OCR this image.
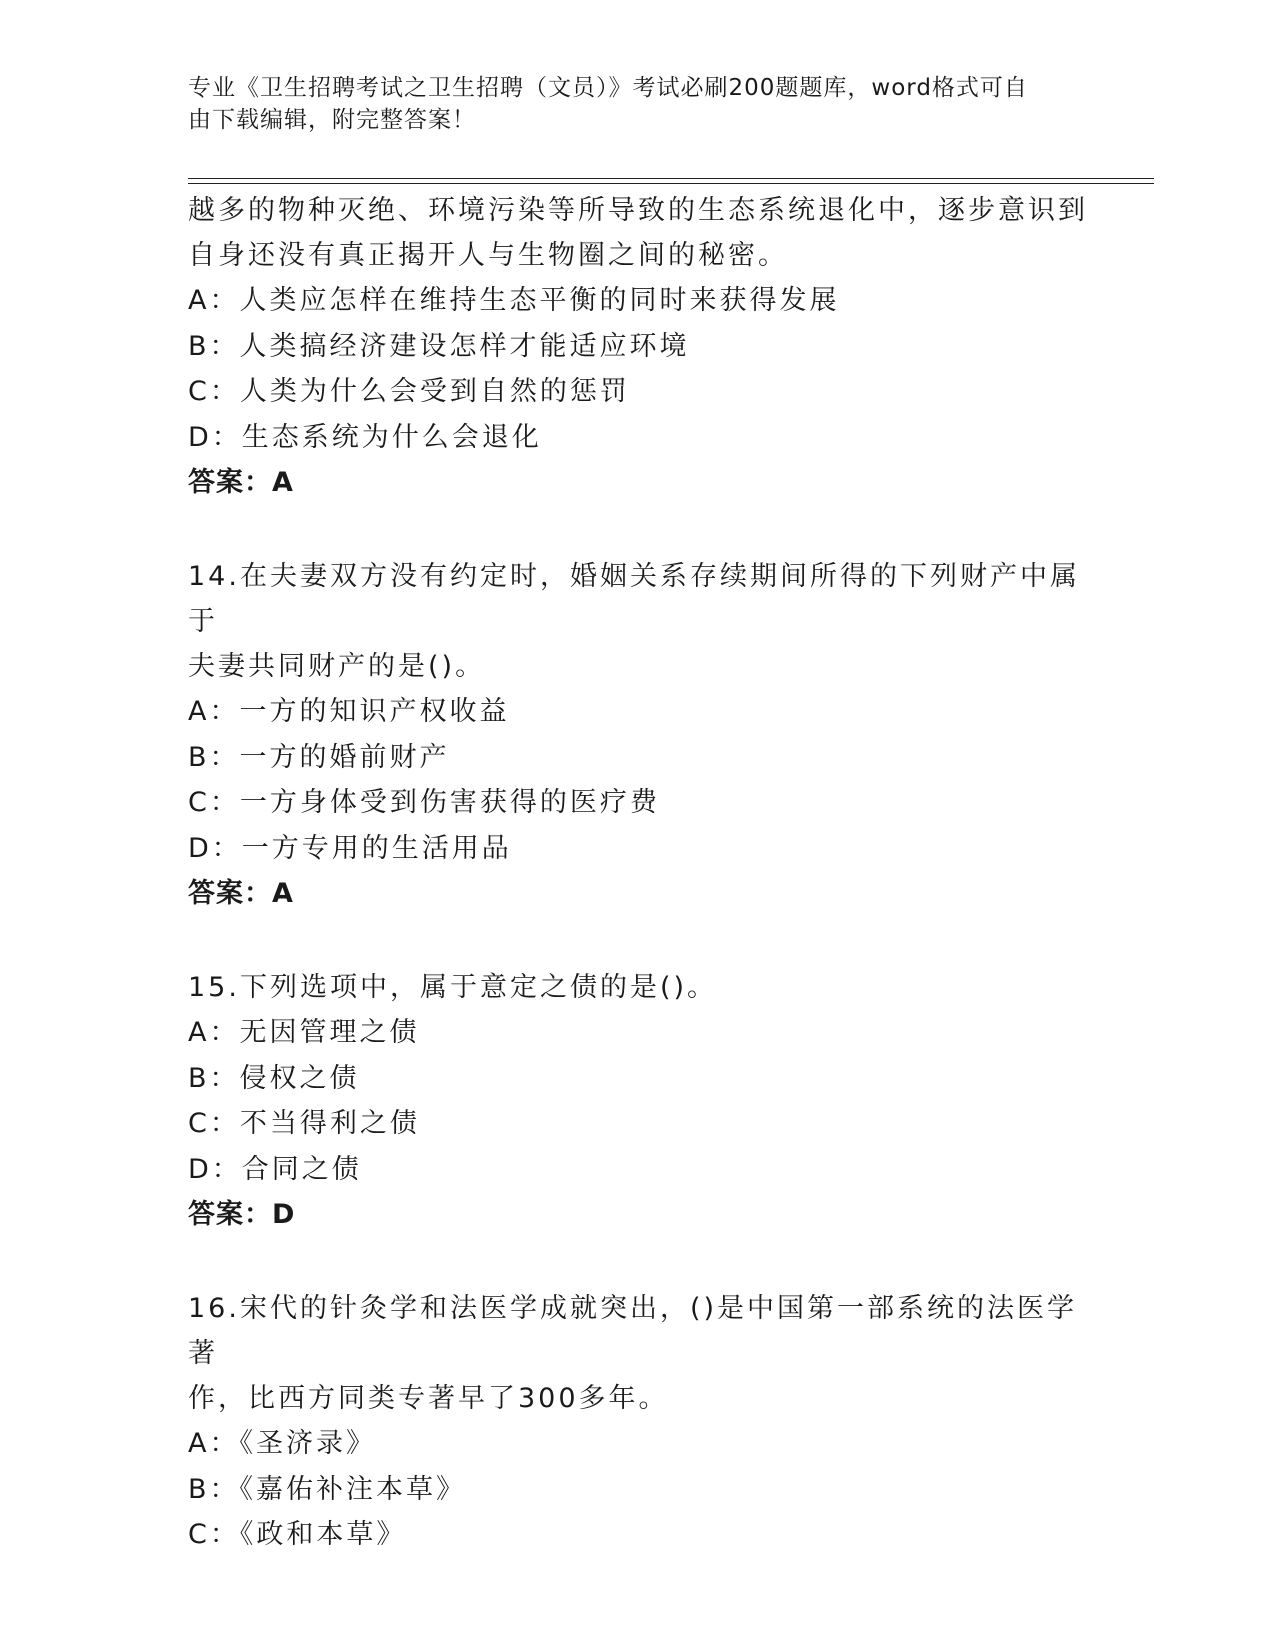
专业《卫生招聘考试之卫生招聘（文员）》考试必刷200题题库，word格式可自
由下载编辑，附完整答案！
越多的物种灭绝、环境污染等所导致的生态系统退化中，逐步意识到
自身还没有真正揭开人与生物圈之间的秘密。
A：人类应怎样在维持生态平衡的同时来获得发展
B：人类搞经济建设怎样才能适应环境
C：人类为什么会受到自然的惩罚
D：生态系统为什么会退化
答案：A
14.在夫妻双方没有约定时，婚姻关系存续期间所得的下列财产中属于
夫妻共同财产的是()。
A：一方的知识产权收益
B：一方的婚前财产
C：一方身体受到伤害获得的医疗费
D：一方专用的生活用品
答案：A
15.下列选项中，属于意定之债的是()。
A：无因管理之债
B：侵权之债
C：不当得利之债
D：合同之债
答案：D
16.宋代的针灸学和法医学成就突出，()是中国第一部系统的法医学著
作，比西方同类专著早了300多年。
A：《圣济录》
B：《嘉佑补注本草》
C：《政和本草》
